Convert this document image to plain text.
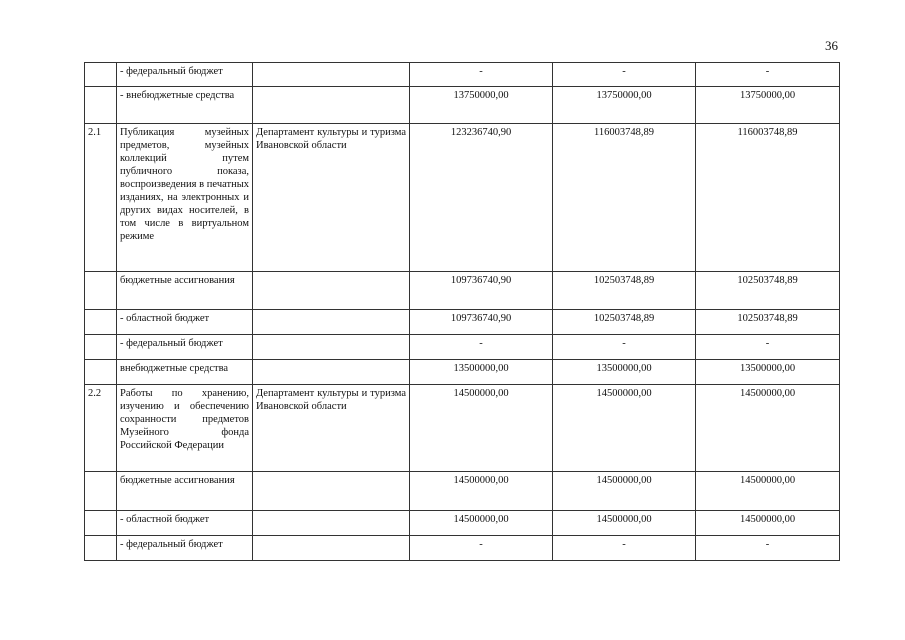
36

	- федеральный бюджет		-	-	-

	- внебюджетные средства		13750000,00	13750000,00	13750000,00

2.1	Публикация музейных предметов, музейных коллекций путем публичного показа, воспроизведения в печатных изданиях, на электронных и других видах носителей, в том числе в виртуальном режиме	Департамент культуры и туризма Ивановской области	123236740,90	116003748,89	116003748,89

	бюджетные ассигнования		109736740,90	102503748,89	102503748,89

	- областной бюджет		109736740,90	102503748,89	102503748,89

	- федеральный бюджет		-	-	-

	внебюджетные средства		13500000,00	13500000,00	13500000,00

2.2	Работы по хранению, изучению и обеспечению сохранности предметов Музейного фонда Российской Федерации	Департамент культуры и туризма Ивановской области	14500000,00	14500000,00	14500000,00

	бюджетные ассигнования		14500000,00	14500000,00	14500000,00

	- областной бюджет		14500000,00	14500000,00	14500000,00

	- федеральный бюджет		-	-	-
